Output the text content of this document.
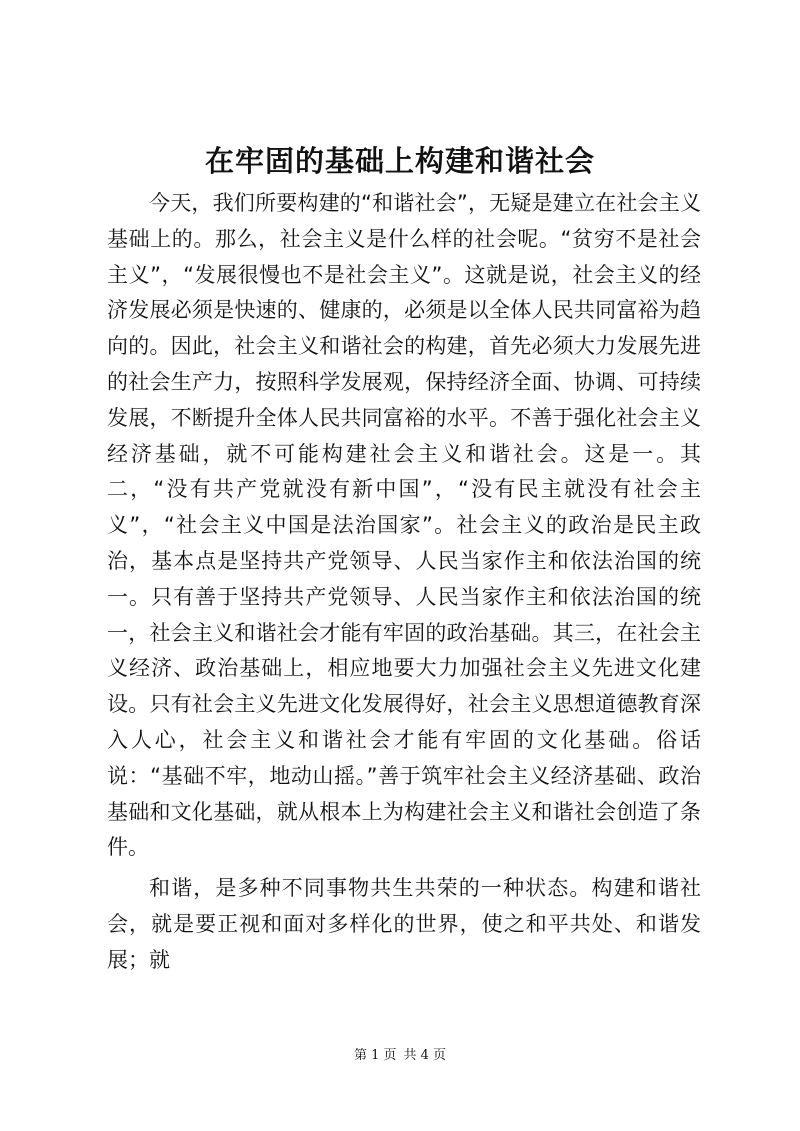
在牢固的基础上构建和谐社会

今天，我们所要构建的“和谐社会”，无疑是建立在社会主义基础上的。那么，社会主义是什么样的社会呢。“贫穷不是社会主义”，“发展很慢也不是社会主义”。这就是说，社会主义的经济发展必须是快速的、健康的，必须是以全体人民共同富裕为趋向的。因此，社会主义和谐社会的构建，首先必须大力发展先进的社会生产力，按照科学发展观，保持经济全面、协调、可持续发展，不断提升全体人民共同富裕的水平。不善于强化社会主义经济基础，就不可能构建社会主义和谐社会。这是一。其二，“没有共产党就没有新中国”，“没有民主就没有社会主义”，“社会主义中国是法治国家”。社会主义的政治是民主政治，基本点是坚持共产党领导、人民当家作主和依法治国的统一。只有善于坚持共产党领导、人民当家作主和依法治国的统一，社会主义和谐社会才能有牢固的政治基础。其三，在社会主义经济、政治基础上，相应地要大力加强社会主义先进文化建设。只有社会主义先进文化发展得好，社会主义思想道德教育深入人心，社会主义和谐社会才能有牢固的文化基础。俗话说：“基础不牢，地动山摇。”善于筑牢社会主义经济基础、政治基础和文化基础，就从根本上为构建社会主义和谐社会创造了条件。

和谐，是多种不同事物共生共荣的一种状态。构建和谐社会，就是要正视和面对多样化的世界，使之和平共处、和谐发展；就

第 1 页 共 4 页
